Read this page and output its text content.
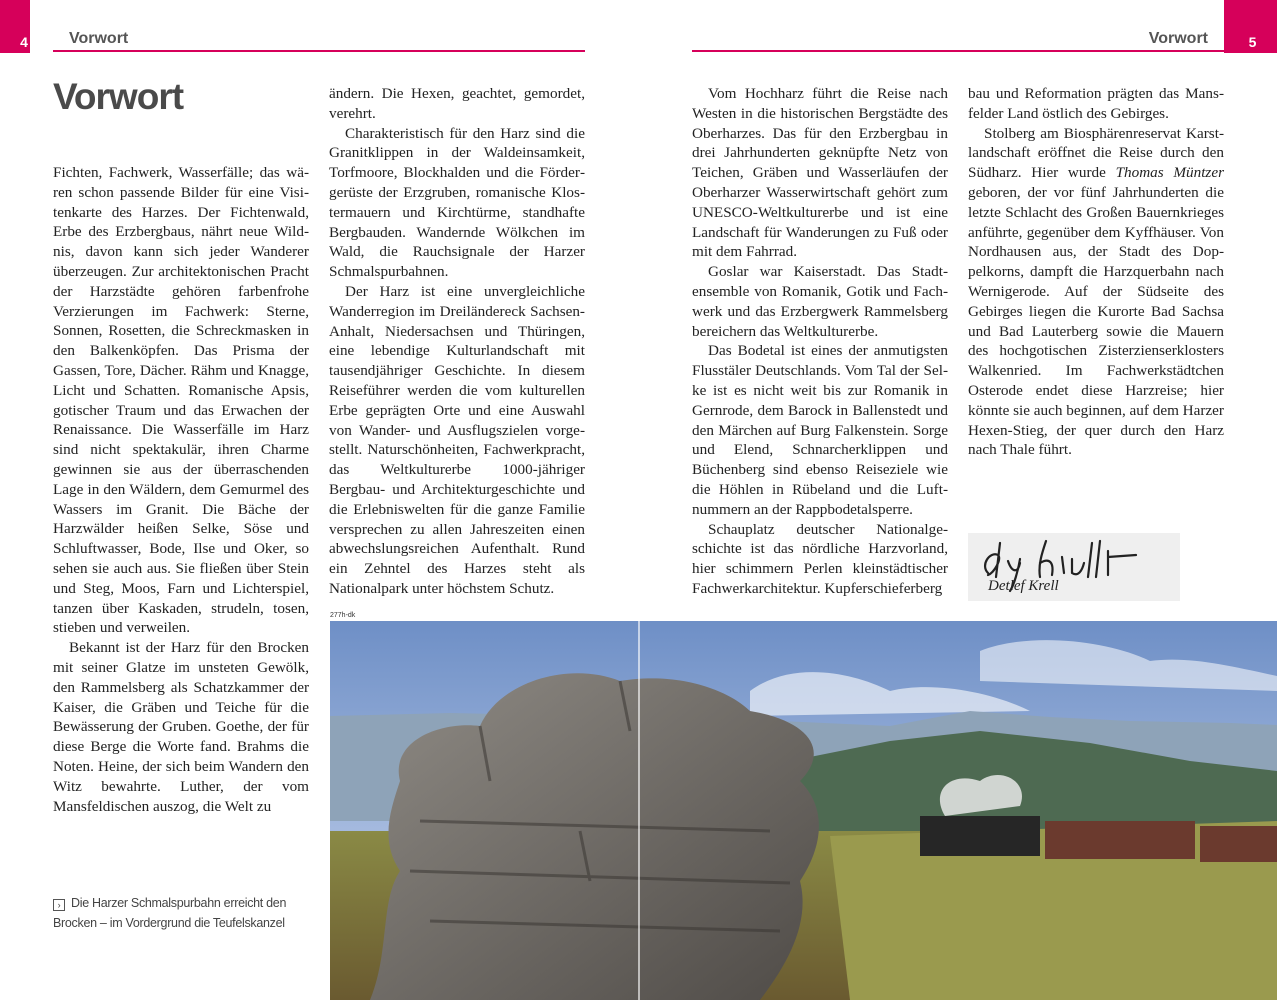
4	5
Vorwort	Vorwort
Vorwort

Fichten, Fachwerk, Wasserfälle; das wären schon passende Bilder für eine Visitenkarte des Harzes. Der Fichtenwald, Erbe des Erzbergbaus, nährt neue Wildnis, davon kann sich jeder Wanderer überzeugen. Zur architektonischen Pracht der Harzstädte gehören farbenfrohe Verzierungen im Fachwerk: Sterne, Sonnen, Rosetten, die Schreckmasken in den Balkenköpfen. Das Prisma der Gassen, Tore, Dächer. Rähm und Knagge, Licht und Schatten. Romanische Apsis, gotischer Traum und das Erwachen der Renaissance. Die Wasserfälle im Harz sind nicht spektakulär, ihren Charme gewinnen sie aus der überraschenden Lage in den Wäldern, dem Gemurmel des Wassers im Granit. Die Bäche der Harzwälder heißen Selke, Söse und Schluftwasser, Bode, Ilse und Oker, so sehen sie auch aus. Sie fließen über Stein und Steg, Moos, Farn und Lichterspiel, tanzen über Kaskaden, strudeln, tosen, stieben und verweilen.

Bekannt ist der Harz für den Brocken mit seiner Glatze im unsteten Gewölk, den Rammelsberg als Schatzkammer der Kaiser, die Gräben und Teiche für die Bewässerung der Gruben. Goethe, der für diese Berge die Worte fand. Brahms die Noten. Heine, der sich beim Wandern den Witz bewahrte. Luther, der vom Mansfeldischen auszog, die Welt zu

ändern. Die Hexen, geachtet, gemordet, verehrt.

Charakteristisch für den Harz sind die Granitklippen in der Waldeinsamkeit, Torfmoore, Blockhalden und die Fördergerüste der Erzgruben, romanische Klostermauern und Kirchtürme, standhafte Bergbauden. Wandernde Wölkchen im Wald, die Rauchsignale der Harzer Schmalspurbahnen.

Der Harz ist eine unvergleichliche Wanderregion im Dreiländereck Sachsen-Anhalt, Niedersachsen und Thüringen, eine lebendige Kulturlandschaft mit tausendjähriger Geschichte. In diesem Reiseführer werden die vom kulturellen Erbe geprägten Orte und eine Auswahl von Wander- und Ausflugszielen vorgestellt. Naturschönheiten, Fachwerkpracht, das Weltkulturerbe 1000-jähriger Bergbau- und Architekturgeschichte und die Erlebniswelten für die ganze Familie versprechen zu allen Jahreszeiten einen abwechslungsreichen Aufenthalt. Rund ein Zehntel des Harzes steht als Nationalpark unter höchstem Schutz.

Vom Hochharz führt die Reise nach Westen in die historischen Bergstädte des Oberharzes. Das für den Erzbergbau in drei Jahrhunderten geknüpfte Netz von Teichen, Gräben und Wasserläufen der Oberharzer Wasserwirtschaft gehört zum UNESCO-Weltkulturerbe und ist eine Landschaft für Wanderungen zu Fuß oder mit dem Fahrrad.

Goslar war Kaiserstadt. Das Stadtensemble von Romanik, Gotik und Fachwerk und das Erzbergwerk Rammelsberg bereichern das Weltkulturerbe.

Das Bodetal ist eines der anmutigsten Flusstäler Deutschlands. Vom Tal der Selke ist es nicht weit bis zur Romanik in Gernrode, dem Barock in Ballenstedt und den Märchen auf Burg Falkenstein. Sorge und Elend, Schnarcherklippen und Büchenberg sind ebenso Reiseziele wie die Höhlen in Rübeland und die Luftnummern an der Rappbodetalsperre.

Schauplatz deutscher Nationalgeschichte ist das nördliche Harzvorland, hier schimmern Perlen kleinstädtischer Fachwerkarchitektur. Kupferschieferberg

bau und Reformation prägten das Mansfelder Land östlich des Gebirges.

Stolberg am Biosphärenreservat Karstlandschaft eröffnet die Reise durch den Südharz. Hier wurde Thomas Müntzer geboren, der vor fünf Jahrhunderten die letzte Schlacht des Großen Bauernkrieges anführte, gegenüber dem Kyffhäuser. Von Nordhausen aus, der Stadt des Doppelkorns, dampft die Harzquerbahn nach Wernigerode. Auf der Südseite des Gebirges liegen die Kurorte Bad Sachsa und Bad Lauterberg sowie die Mauern des hochgotischen Zisterzienserklosters Walkenried. Im Fachwerkstädtchen Osterode endet diese Harzreise; hier könnte sie auch beginnen, auf dem Harzer Hexen-Stieg, der quer durch den Harz nach Thale führt.

Detlef Krell
› Die Harzer Schmalspurbahn erreicht den Brocken – im Vordergrund die Teufelskanzel
277h-dk
